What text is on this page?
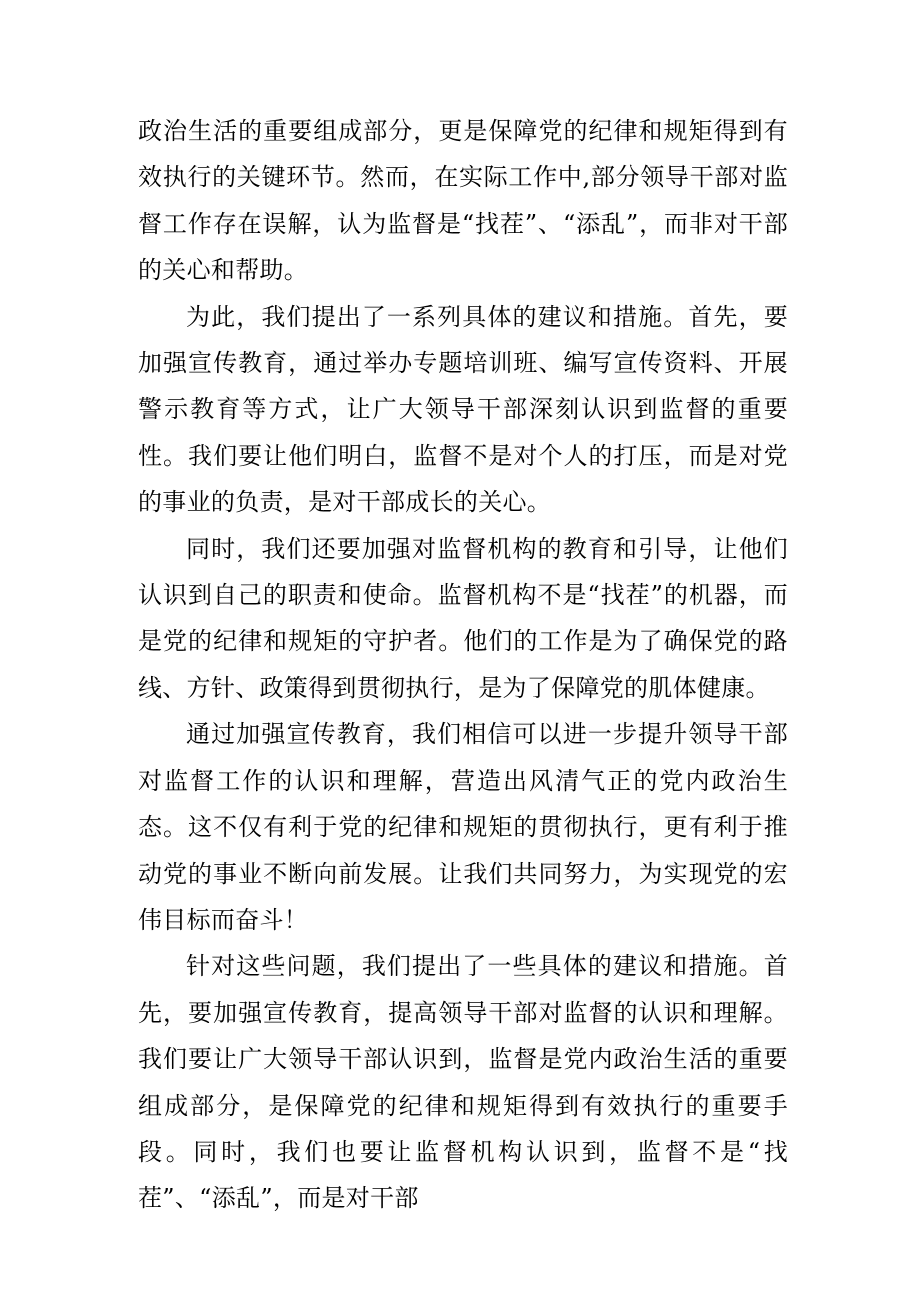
政治生活的重要组成部分，更是保障党的纪律和规矩得到有效执行的关键环节。然而，在实际工作中,部分领导干部对监督工作存在误解，认为监督是“找茬”、“添乱”，而非对干部的关心和帮助。

为此，我们提出了一系列具体的建议和措施。首先，要加强宣传教育，通过举办专题培训班、编写宣传资料、开展警示教育等方式，让广大领导干部深刻认识到监督的重要性。我们要让他们明白，监督不是对个人的打压，而是对党的事业的负责，是对干部成长的关心。

同时，我们还要加强对监督机构的教育和引导，让他们认识到自己的职责和使命。监督机构不是“找茬”的机器，而是党的纪律和规矩的守护者。他们的工作是为了确保党的路线、方针、政策得到贯彻执行，是为了保障党的肌体健康。

通过加强宣传教育，我们相信可以进一步提升领导干部对监督工作的认识和理解，营造出风清气正的党内政治生态。这不仅有利于党的纪律和规矩的贯彻执行，更有利于推动党的事业不断向前发展。让我们共同努力，为实现党的宏伟目标而奋斗！

针对这些问题，我们提出了一些具体的建议和措施。首先，要加强宣传教育，提高领导干部对监督的认识和理解。我们要让广大领导干部认识到，监督是党内政治生活的重要组成部分，是保障党的纪律和规矩得到有效执行的重要手段。同时，我们也要让监督机构认识到，监督不是“找茬”、“添乱”，而是对干部
